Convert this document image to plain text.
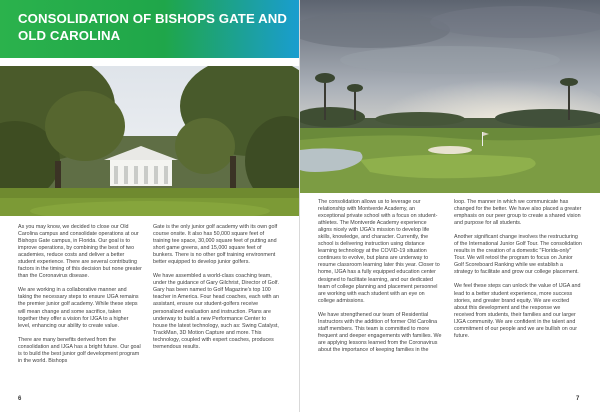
CONSOLIDATION OF BISHOPS GATE AND OLD CAROLINA

As you may know, we decided to close our Old Carolina campus and consolidate operations at our Bishops Gate campus, in Florida. Our goal is to improve operations, by combining the best of two academies, reduce costs and deliver a better student experience. There are several contributing factors in the timing of this decision but none greater than the Coronavirus disease.

We are working in a collaborative manner and taking the necessary steps to ensure IJGA remains the premier junior golf academy. While these steps will mean change and some sacrifice, taken together they offer a vision for IJGA to a higher level, enhancing our ability to create value.

There are many benefits derived from the consolidation and IJGA has a bright future. Our goal is to build the best junior golf development program in the world. Bishops

Gate is the only junior golf academy with its own golf course onsite. It also has 50,000 square feet of training tee space, 30,000 square feet of putting and short game greens, and 15,000 square feet of bunkers. There is no other golf training environment better equipped to develop junior golfers.

We have assembled a world-class coaching team, under the guidance of Gary Gilchrist, Director of Golf. Gary has been named to Golf Magazine's top 100 teacher in America. Four head coaches, each with an assistant, ensure our student-golfers receive personalized evaluation and instruction. Plans are underway to build a new Performance Center to house the latest technology, such as: Swing Catalyst, TrackMan, 3D Motion Capture and more. This technology, coupled with expert coaches, produces tremendous results.

6

The consolidation allows us to leverage our relationship with Montverde Academy, an exceptional private school with a focus on student-athletes. The Montverde Academy experience aligns nicely with IJGA's mission to develop life skills, knowledge, and character. Currently, the school is delivering instruction using distance learning technology at the COVID-19 situation continues to evolve, but plans are underway to resume classroom learning later this year. Closer to home, IJGA has a fully equipped education center designed to facilitate learning, and our dedicated team of college planning and placement personnel are working with each student with an eye on college admissions.

We have strengthened our team of Residential Instructors with the addition of former Old Carolina staff members. This team is committed to more frequent and deeper engagements with families. We are applying lessons learned from the Coronavirus about the importance of keeping families in the

loop. The manner in which we communicate has changed for the better. We have also placed a greater emphasis on our peer group to create a shared vision and purpose for all students.

Another significant change involves the restructuring of the International Junior Golf Tour. The consolidation results in the creation of a domestic "Florida-only" Tour. We will retool the program to focus on Junior Golf Scoreboard Ranking while we establish a strategy to facilitate and grow our college placement.

We feel these steps can unlock the value of IJGA and lead to a better student experience, more success stories, and greater brand equity. We are excited about this development and the response we received from students, their families and our larger IJGA community. We are confident in the talent and commitment of our people and we are bullish on our future.

7
